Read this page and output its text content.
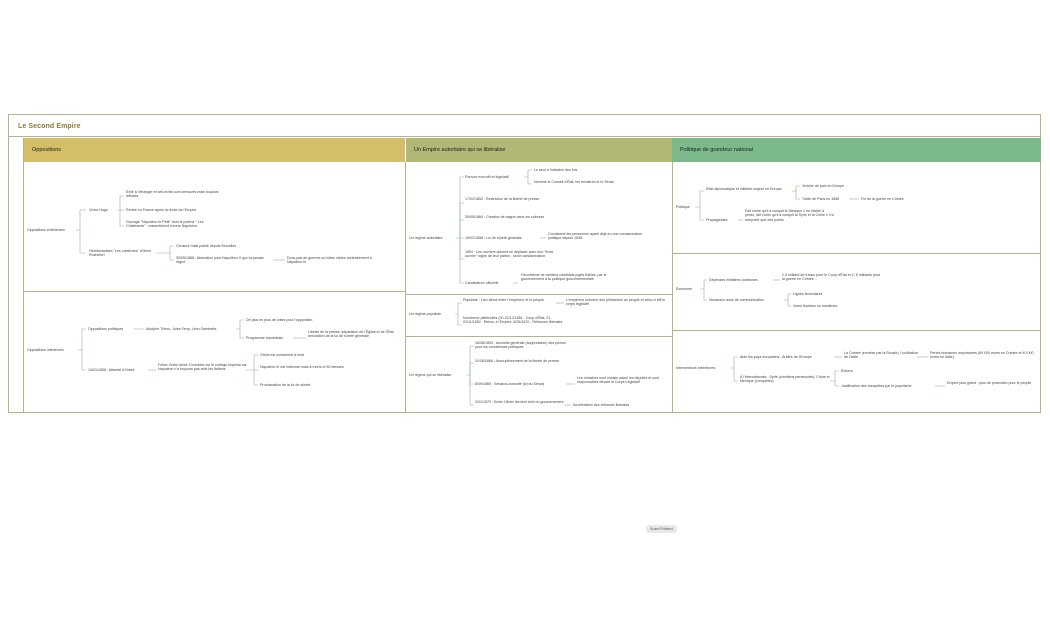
Le Second Empire
Oppositions	Un Empire autoritaire qui se libéralise	Politique de grandeur national
Oppositions extérieures
Victor Hugo
Exilé à l'étranger et ses écrits sont censurés mais toujours diffusés
Rentre en France après la chute de l'Empire
Ouvrage "Napoléon le Petit" dont le poème " Les Châtiments" : ressentiment envers Napoléon
Hebdomadaire "Les Lanternes" d'Henri Rochefort
Censuré mais publié depuis Bruxelles
30/05/1868 : Abtoration pour Napoléon II qui n'a jamais régné
Donc pas de guerres ou luttes civiles contrairement à Napoléon III
Oppositions intérieures
Oppositions politiques	Adolphe Thiers, Jules Ferry, Léon Gambetta
De plus en plus de votes pour l'opposition
Programme républicain
Liberté de la presse, séparation de l'Église et de l'État, annulation de la loi de sûreté générale
14/01/1858 : Attentat d'Orsini
Felice Orsini lance 3 bombes sur le cortège impérial car Napoléon n'a toujours pas aidé les Italiens
Orsini est condamné à mort
Napoléon III est indemne mais 8 morts et 50 blessés
Proclamation de la loi de sûreté
Un régime autoritaire
Pouvoir exécutif et législatif
Le seul à l'initiative des lois
Nomme le Conseil d'État, les ministres et le Sénat
17/02/1852 : Restriction de la liberté de presse
30/05/1864 : Création de bagne dans les colonies
19/02/1858 : Loi de sûreté générale
Condamne les personnes ayant déjà eu une condamnation politique depuis 1848.
1854 : Les ouvriers doivent se déplacer avec leur "livret ouvrier" signé de leur patron ; sinon condamnation
Candidature officielle
Favoritisme de certains candidats jugés fidèles, par le gouvernement à la politique gouvernementale
Un régime populiste
Populiste : Lien direct entre l'empereur et le peuple	L'empereur ordonne des plébiscites au peuple et celui-ci élit le corps législatif
Nombreux plébiscites (20-21/12/1851 : Coup d'État, 21-22/11/1852 : Retour à l'Empire, 8/05/1870 : Réformes libérales
Un régime qui se libéralise
16/08/1859 : Amnistie générale (suppression) des peines pour les condamnés politiques
11/05/1868 : Assouplissement de la liberté de presse
8/09/1869 : Sénatus-consulte (loi du Sénat)
Les ministres sont choisis parmi les députés et sont responsables devant le Corps Législatif
2/01/1870 : Emile Olivier devient chef du gouvernement
Accélération des réformes libérales
Politique
Rôle diplomatique et militaire majeur en Europe
Victoire de paix en Europe
Traité de Paris en 1856	Fin de la guerre en Crimée
Propagandes
Fait croire qu'il a conquit le Mexique // en réalité à perdu, fait croire qu'il a conquit la Syrie et la Chine // n'a remporté que des points
Économie
Dépenses militaires coûteuses
1,5 milliard de francs pour le Coup d'État et 2, 5 milliards pour la guerre en Crimée...
Nouveaux axes de communication
Lignes ferroviaires
Voies fluviales ou maritimes
Interventions extérieures
Aide les pays européens : Arbitre de l'Europe
La Crimée (envahie par la Russie), l'unification de l'Italie
Pertes humaines importantes (90 000 morts en Crimée et 40 000 morts en Italie).
À l'internationale : Syrie (chrétiens persécutés), Chine et Mexique (conquêtes)
Échecs
Justification des conquêtes par le populisme
Empire plus grand : plus de protection pour le peuple
Suzel Potfard
